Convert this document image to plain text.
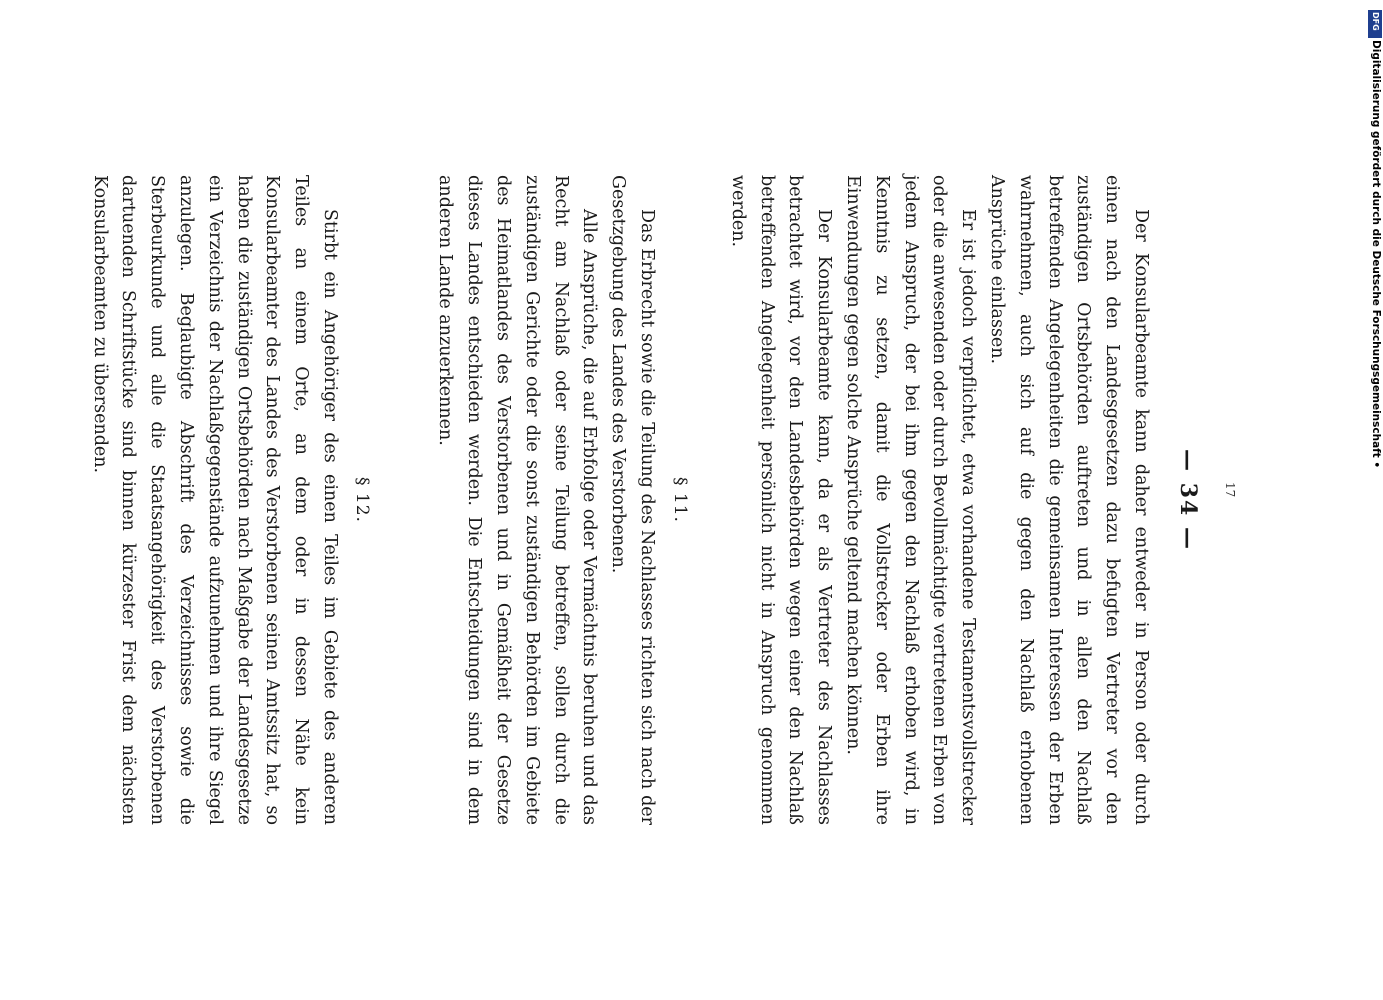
— 34 —

Der Konsularbeamte kann daher entweder in Person oder durch einen nach den Landesgesetzen dazu befugten Vertreter vor den zuständigen Ortsbehörden auftreten und in allen den Nachlaß betreffenden Angelegenheiten die gemeinsamen Interessen der Erben wahrnehmen, auch sich auf die gegen den Nachlaß erhobenen Ansprüche einlassen.

Er ist jedoch verpflichtet, etwa vorhandene Testamentsvollstrecker oder die anwesenden oder durch Bevollmächtigte vertretenen Erben von jedem Anspruch, der bei ihm gegen den Nachlaß erhoben wird, in Kenntnis zu setzen, damit die Vollstrecker oder Erben ihre Einwendungen gegen solche Ansprüche geltend machen können.

Der Konsularbeamte kann, da er als Vertreter des Nachlasses betrachtet wird, vor den Landesbehörden wegen einer den Nachlaß betreffenden Angelegenheit persönlich nicht in Anspruch genommen werden.

§ 11.

Das Erbrecht sowie die Teilung des Nachlasses richten sich nach der Gesetzgebung des Landes des Verstorbenen.

Alle Ansprüche, die auf Erbfolge oder Vermächtnis beruhen und das Recht am Nachlaß oder seine Teilung betreffen, sollen durch die zuständigen Gerichte oder die sonst zuständigen Behörden im Gebiete des Heimatlandes des Verstorbenen und in Gemäßheit der Gesetze dieses Landes entschieden werden. Die Entscheidungen sind in dem anderen Lande anzuerkennen.

§ 12.

Stirbt ein Angehöriger des einen Teiles im Gebiete des anderen Teiles an einem Orte, an dem oder in dessen Nähe kein Konsularbeamter des Landes des Verstorbenen seinen Amtssitz hat, so haben die zuständigen Ortsbehörden nach Maßgabe der Landesgesetze ein Verzeichnis der Nachlaßgegenstände aufzunehmen und ihre Siegel anzulegen. Beglaubigte Abschrift des Verzeichnisses sowie die Sterbeurkunde und alle die Staatsangehörigkeit des Verstorbenen dartuenden Schriftstücke sind binnen kürzester Frist dem nächsten Konsularbeamten zu übersenden.

17
DFG
Digitalisierung gefördert durch die Deutsche Forschungsgemeinschaft •
